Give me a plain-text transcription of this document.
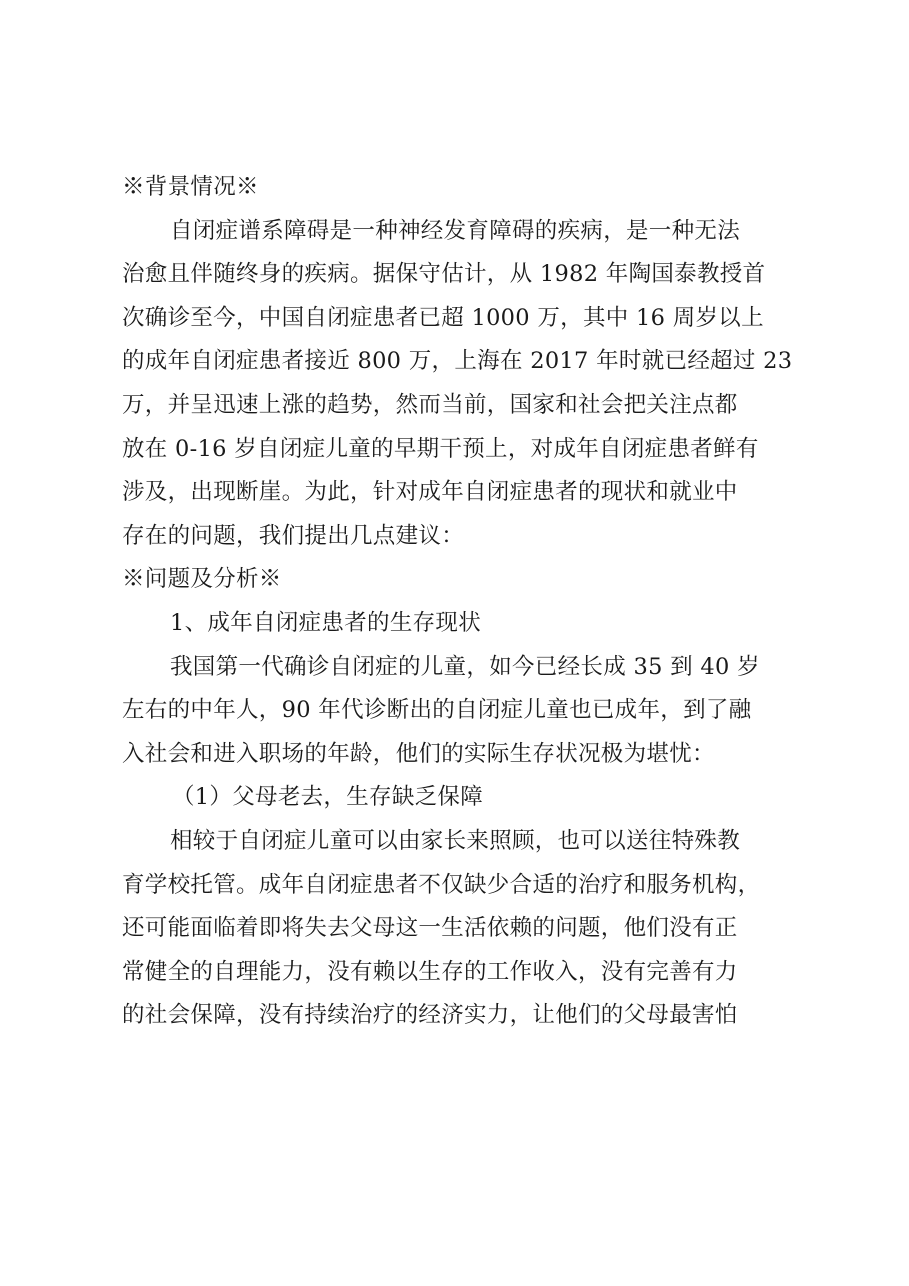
※背景情况※
自闭症谱系障碍是一种神经发育障碍的疾病，是一种无法
治愈且伴随终身的疾病。据保守估计，从 1982 年陶国泰教授首
次确诊至今，中国自闭症患者已超 1000 万，其中 16 周岁以上
的成年自闭症患者接近 800 万，上海在 2017 年时就已经超过 23
万，并呈迅速上涨的趋势，然而当前，国家和社会把关注点都
放在 0-16 岁自闭症儿童的早期干预上，对成年自闭症患者鲜有
涉及，出现断崖。为此，针对成年自闭症患者的现状和就业中
存在的问题，我们提出几点建议：
※问题及分析※
1、成年自闭症患者的生存现状
我国第一代确诊自闭症的儿童，如今已经长成 35 到 40 岁
左右的中年人，90 年代诊断出的自闭症儿童也已成年，到了融
入社会和进入职场的年龄，他们的实际生存状况极为堪忧：
（1）父母老去，生存缺乏保障
相较于自闭症儿童可以由家长来照顾，也可以送往特殊教
育学校托管。成年自闭症患者不仅缺少合适的治疗和服务机构，
还可能面临着即将失去父母这一生活依赖的问题，他们没有正
常健全的自理能力，没有赖以生存的工作收入，没有完善有力
的社会保障，没有持续治疗的经济实力，让他们的父母最害怕
